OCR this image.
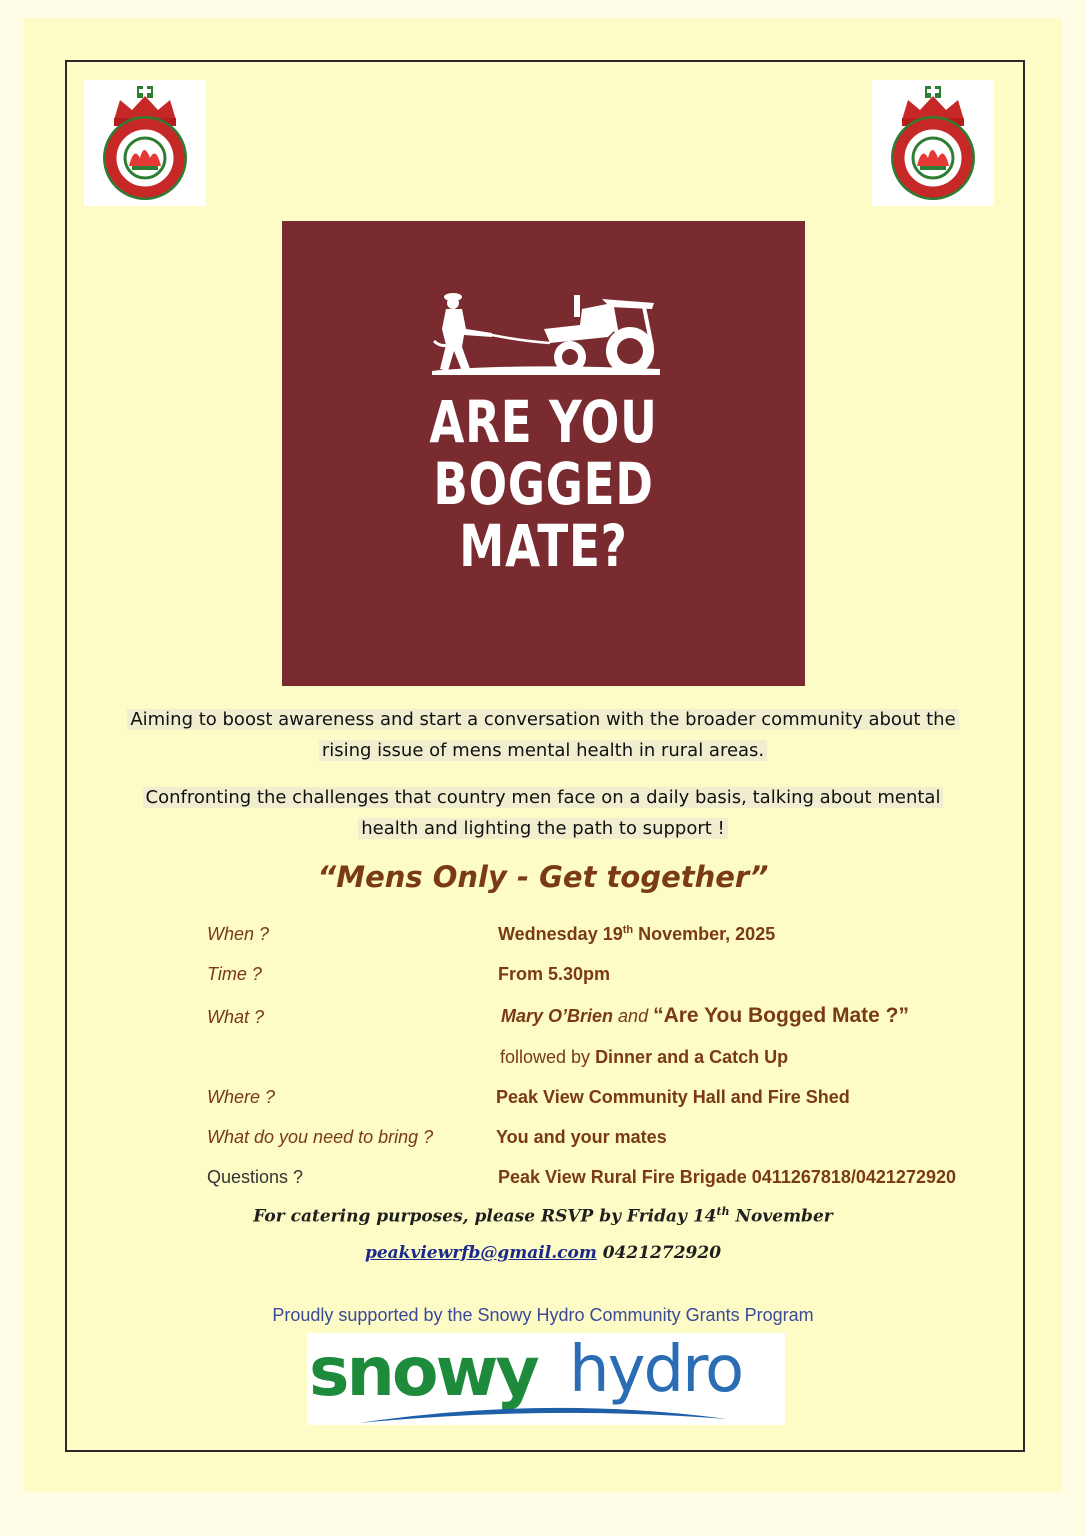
ARE YOU
BOGGED
MATE?
Aiming to boost awareness and start a conversation with the broader community about the
rising issue of mens mental health in rural areas.
Confronting the challenges that country men face on a daily basis, talking about mental
health and lighting the path to support !
“Mens Only - Get together”
When ?	Wednesday 19th November, 2025
Time ?	From 5.30pm
What ?	Mary O’Brien and “Are You Bogged Mate ?”
followed by Dinner and a Catch Up
Where ?	Peak View Community Hall and Fire Shed
What do you need to bring ?	You and your mates
Questions ?	Peak View Rural Fire Brigade 0411267818/0421272920
For catering purposes, please RSVP by Friday 14th November
peakviewrfb@gmail.com 0421272920
Proudly supported by the Snowy Hydro Community Grants Program
snowy hydro
